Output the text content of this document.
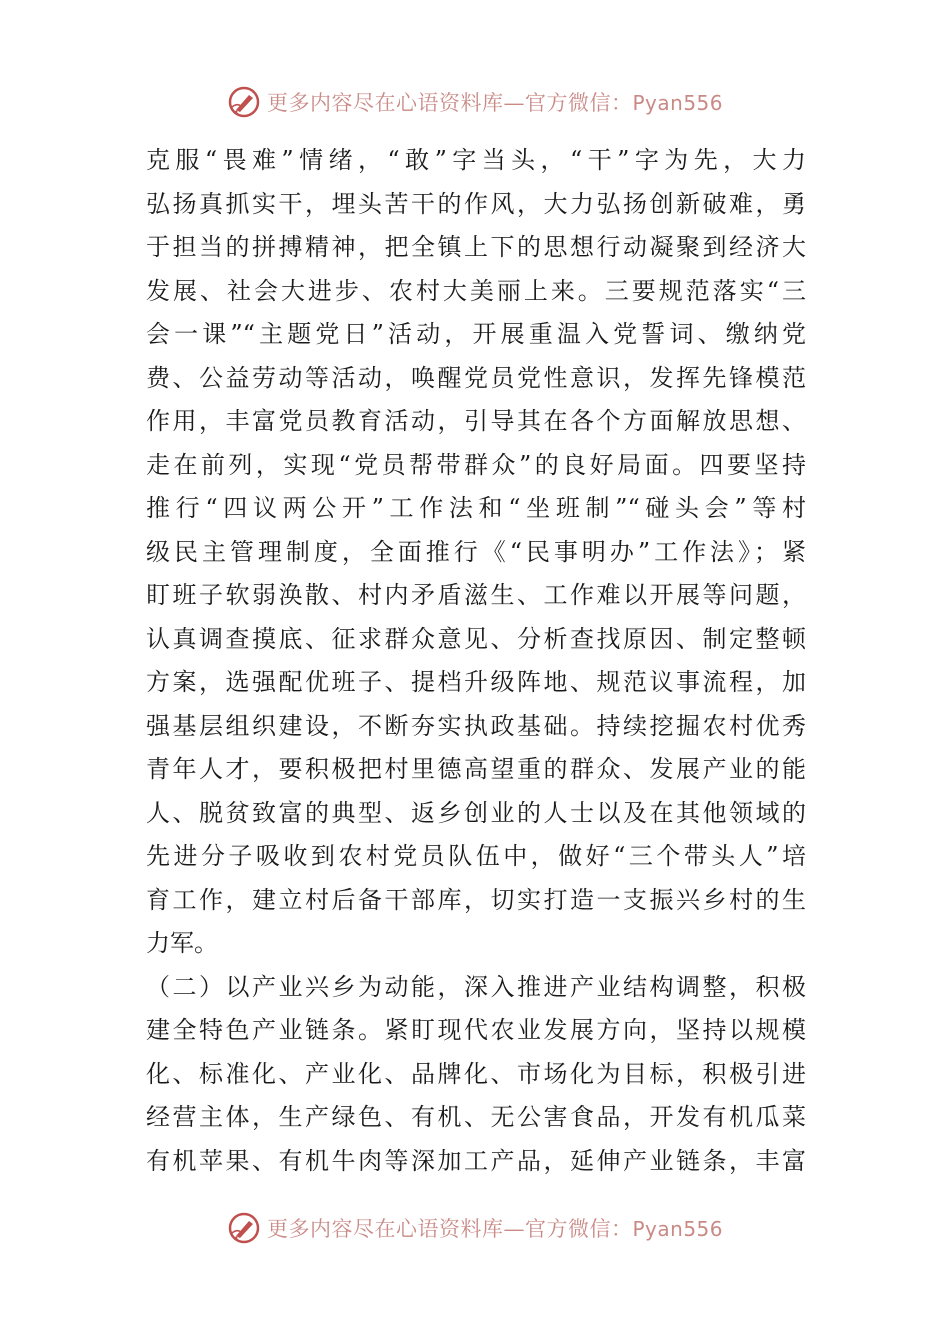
更多内容尽在心语资料库—官方微信：Pyan556
克服“畏难”情绪，“敢”字当头，“干”字为先，大力
弘扬真抓实干，埋头苦干的作风，大力弘扬创新破难，勇
于担当的拼搏精神，把全镇上下的思想行动凝聚到经济大
发展、社会大进步、农村大美丽上来。三要规范落实“三
会一课”“主题党日”活动，开展重温入党誓词、缴纳党
费、公益劳动等活动，唤醒党员党性意识，发挥先锋模范
作用，丰富党员教育活动，引导其在各个方面解放思想、
走在前列，实现“党员帮带群众”的良好局面。四要坚持
推行“四议两公开”工作法和“坐班制”“碰头会”等村
级民主管理制度，全面推行《“民事明办”工作法》；紧
盯班子软弱涣散、村内矛盾滋生、工作难以开展等问题，
认真调查摸底、征求群众意见、分析查找原因、制定整顿
方案，选强配优班子、提档升级阵地、规范议事流程，加
强基层组织建设，不断夯实执政基础。持续挖掘农村优秀
青年人才，要积极把村里德高望重的群众、发展产业的能
人、脱贫致富的典型、返乡创业的人士以及在其他领域的
先进分子吸收到农村党员队伍中，做好“三个带头人”培
育工作，建立村后备干部库，切实打造一支振兴乡村的生
力军。
（二）以产业兴乡为动能，深入推进产业结构调整，积极
建全特色产业链条。紧盯现代农业发展方向，坚持以规模
化、标准化、产业化、品牌化、市场化为目标，积极引进
经营主体，生产绿色、有机、无公害食品，开发有机瓜菜
有机苹果、有机牛肉等深加工产品，延伸产业链条，丰富
更多内容尽在心语资料库—官方微信：Pyan556
